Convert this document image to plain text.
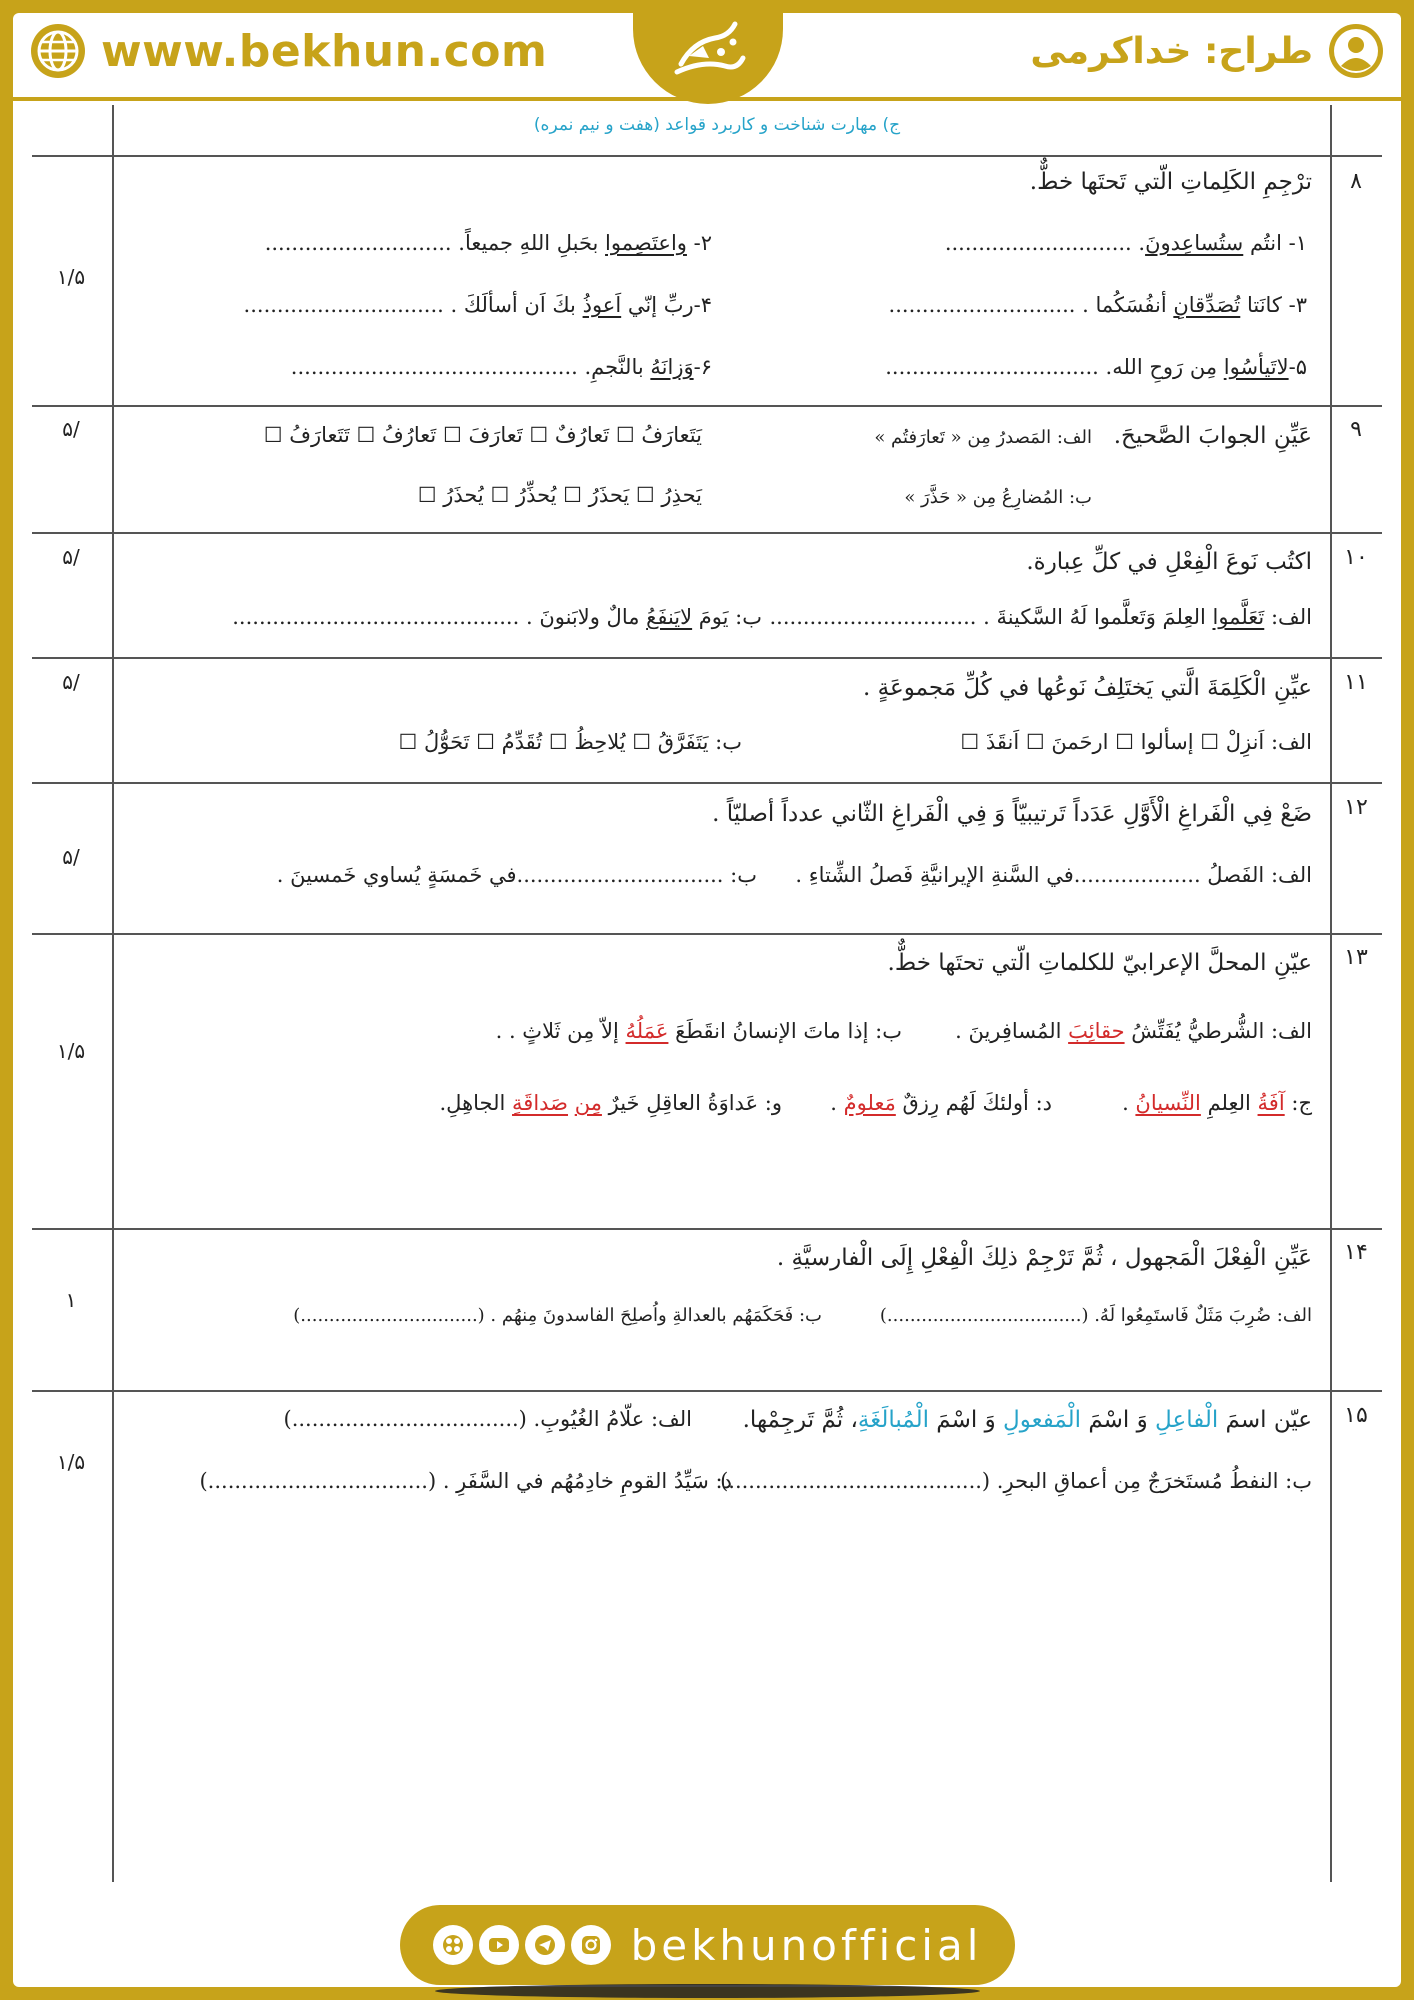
www.bekhun.com	طراح: خداکرمی
ج) مهارت شناخت و کاربرد قواعد (هفت و نیم نمره)
۸
۱/۵
ترْجِمِ الكَلِماتِ الّتي تَحتَها خطٌّ.
۱- انتُم ستُساعِدونَ. ............................
۲- واعتَصِموا بحَبلِ اللهِ جميعاً. ............................
۳- كانَتا تُصَدِّقانِ أنفُسَكُما . ............................
۴-ربِّ إنّي اَعوذُ بكَ اَن أسألَكَ . ..............................
۵-لاتَيأسُوا مِن رَوحِ الله. ................................
۶-وَزانَهُ بالنَّجمِ. ...........................................
۹
/۵	عَيِّنِ الجوابَ الصَّحيحَ.
الف: المَصدرُ مِن « تَعارَفتُم »
يَتَعارَفُ ☐ تَعارُفٌ ☐ تَعارَفَ ☐ تَعارُفُ ☐ تَتَعارَفُ ☐
ب: المُضارِعُ مِن « حَذَّرَ »
يَحذِرُ ☐ يَحذَرُ ☐ يُحذِّرُ ☐ يُحذَرُ ☐
۱۰
/۵	اكتُب نَوعَ الْفِعْلِ في كلِّ عِبارة.
الف: تَعَلَّموا العِلمَ وَتَعلَّموا لَهُ السَّكينةَ . ...............................
ب: يَومَ لايَنفَعُ مالٌ ولابَنونَ . ...........................................
۱۱
/۵	عيِّنِ الْكَلِمَةَ الَّتي يَختَلِفُ نَوعُها في كُلِّ مَجموعَةٍ .
الف: اَنزِلْ ☐ إسألوا ☐ ارحَمنَ ☐ اَنقَذَ ☐
ب: يَتَفَرَّقُ ☐ يُلاحِظُ ☐ تُقَدِّمُ ☐ تَحَوُّلُ ☐
۱۲
/۵
ضَعْ فِي الْفَراغِ الْأَوَّلِ عَدَداً تَرتيبيّاً وَ فِي الْفَراغِ الثّاني عدداً أصليّاً .
الف: الفَصلُ ...................في السَّنةِ الإيرانيَّةِ فَصلُ الشِّتاءِ .
ب: ...............................في خَمسَةٍ يُساوي خَمسينَ .
۱۳
۱/۵
عيّنِ المحلَّ الإعرابيّ للكلماتِ الّتي تحتَها خطٌّ.
الف: الشُّرطيُّ يُفَتِّشُ حقائِبَ المُسافِرينَ .
ب: إذا ماتَ الإنسانُ انقَطَعَ عَمَلُهُ إلاّ مِن ثَلاثٍ . .
ج: آفَةُ العِلمِ النِّسيانُ .
د: أولئكَ لَهُم رِزقٌ مَعلومٌ .
و: عَداوَةُ العاقِلِ خَيرٌ مِن صَداقَةِ الجاهِلِ.
۱۴
۱
عَيِّنِ الْفِعْلَ الْمَجهول ، ثُمَّ تَرْجِمْ ذلِكَ الْفِعْلِ إِلَى الْفارسيَّةِ .
الف: ضُرِبَ مَثَلٌ فَاستَمِعُوا لَهُ. (..................................)
ب: فَحَكَمَهُم بالعدالةِ واُصلِحَ الفاسدونَ مِنهُم . (...............................)
۱۵
۱/۵
عيّن اسمَ الْفاعِلِ وَ اسْمَ الْمَفعولِ وَ اسْمَ الْمُبالَغَةِ، ثُمَّ تَرجِمْها.
الف: علّامُ الغُيُوبِ. (..................................)
ب: النفطُ مُستَخرَجٌ مِن أعماقِ البحرِ. (......................................)
د: سَيِّدُ القومِ خادِمُهُم في السَّفَرِ . (.................................)
bekhunofficial
